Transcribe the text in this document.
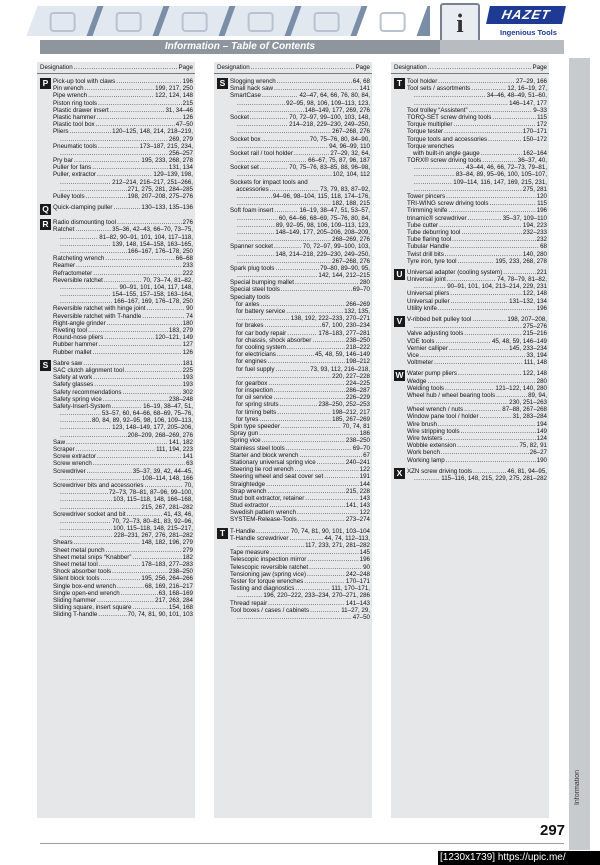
i	HAZET
Ingenious Tools
Information – Table of Contents
Information
Designation .....	Page
P Pick-up tool with claws .....	196
Pin wrench .....	199, 217, 250
Pipe wrench .....	122, 124, 148
Piston ring tools .....	215
Plastic drawer insert .....	31, 34–46
Plastic hammer .....	126
Plastic tool box .....	47–50
Pliers .....	120–125, 148, 214, 218–219,
.....
269, 279
Pneumatic tools .....	173–187, 215, 234,
.....
256–257
Pry bar .....	195, 233, 268, 278
Puller for fans .....	131, 134
Puller, extractor .....	129–139, 198,
.....
212–214, 216–217, 251–266,
.....
271, 275, 281, 284–285
Pulley tools .....	198, 207–208, 275–276
Q Quick-clamping puller .....	130–133, 135–136
R Radio dismounting tool .....	276
Ratchet .....	35–36, 42–43, 66–70, 73–75,
.....
81–82, 90–91, 101, 104, 117–118,
.....
139, 148, 154–158, 163–165,
.....
166–167, 176–178, 250
Ratcheting wrench .....	66–68
Reamer .....	233
Refractometer .....	222
Reversible ratchet .....	70, 73–74, 81–82,
.....
90–91, 101, 104, 117, 148,
.....
154–155, 157–158, 163–164,
.....
166–167, 169, 176–178, 250
Reversible ratchet with hinge joint .....	90
Reversible ratchet with T-handle .....	74
Right-angle grinder .....	180
Riveting tool .....	183, 279
Round-nose pliers .....	120–121, 149
Rubber hammer .....	127
Rubber mallet .....	126
S Sabre saw .....	181
SAC clutch alignment tool .....	225
Safety at work .....	193
Safety glasses .....	193
Safety recommendations .....	302
Safety spring vice .....	238–248
Safety-Insert-System .....	16–19, 38–47, 51,
.....
53–57, 60, 64–66, 68–69, 75–76,
.....
80, 84, 89, 92–95, 98, 106, 109–113,
.....
123, 148–149, 177, 205–206,
.....
208–209, 268–269, 276
Saw .....	141, 182
Scraper .....	111, 194, 223
Screw extractor .....	141
Screw wrench .....	63
Screwdriver .....	35–37, 39, 42, 44–45,
.....
108–114, 148, 166
Screwdriver bits and accessories .....	70,
.....
72–73, 78–81, 87–96, 99–100,
.....
103, 115–118, 148, 166–168,
.....
215, 267, 281–282
Screwdriver socket and bit .....	41, 43, 46,
.....
70, 72–73, 80–81, 83, 92–96,
.....
100, 115–118, 148, 215–217,
.....
228–231, 267, 276, 281–282
Shears .....	148, 182, 196, 279
Sheet metal punch .....	279
Sheet metal snips “Knabber” .....	182
Sheet metal tool .....	178–183, 277–283
Shock absorber tools .....	238–250
Silent block tools .....	195, 256, 264–266
Single box-end wrench .....	68, 169, 216–217
Single open-end wrench .....	63, 168–169
Sliding hammer .....	217, 263, 284
Sliding square, insert square .....	154, 168
Sliding T-handle .....	70, 74, 81, 90, 101, 103
Designation .....	Page
S Slogging wrench .....	64, 68
Small hack saw .....	141
SmartCase .....	42–47, 64, 66, 76, 80, 84,
.....
92–95, 98, 106, 109–113, 123,
.....
148–149, 177, 269, 276
Socket .....	70, 72–97, 99–100, 103, 148,
.....
214–218, 229–230, 249–250,
.....
267–268, 276
Socket box .....	70, 75–76, 80, 84–90,
.....
94, 96–99, 110
Socket rail / tool holder .....	27–29, 32, 64,
.....
66–67, 75, 87, 96, 187
Socket set .....	70, 75–76, 83–85, 88, 96–98,
.....
102, 104, 112
Sockets for impact tools and
accessories .....	73, 79, 83, 87–92,
.....
94–96, 98–104, 115, 118, 174–176,
.....
182, 188, 215
Soft foam insert .....	16–19, 38–47, 51, 53–57,
.....
60, 64–66, 68–69, 75–76, 80, 84,
.....
89, 92–95, 98, 106, 109–113, 123,
.....
148–149, 177, 205–206, 208–209,
.....
268–269, 276
Spanner socket .....	70, 72–97, 99–100, 103,
.....
148, 214–218, 229–230, 249–250,
.....
267–268, 276
Spark plug tools .....	79–80, 89–90, 95,
.....
142, 144, 212–215
Special bumping mallet .....	280
Special steel tools .....	69–70
Specialty tools
for axles .....	266–269
for battery service .....	132, 135,
.....
138, 192, 222–233, 270–271
for brakes .....	67, 100, 230–234
for car body repair .....	178–183, 277–281
for chassis, shock absorber .....	238–250
for cooling system .....	218–222
for electricians .....	45, 48, 59, 146–149
for engines .....	198–212
for fuel supply .....	73, 93, 112, 216–218,
.....
220, 227–228
for gearbox .....	224–225
for inspection .....	286–287
for oil service .....	226–229
for spring struts .....	238–250, 252–253
for timing belts .....	198–212, 217
for tyres .....	185, 267–269
Spin type speeder .....	70, 74, 81
Spray gun .....	186
Spring vice .....	238–250
Stainless steel tools .....	69–70
Starter and block wrench .....	67
Stationary universal spring vice .....	240–241
Steering tie rod wrench .....	122
Steering wheel and seat cover set .....	191
Straightedge .....	144
Strap wrench .....	215, 228
Stud bolt extractor, retainer .....	143
Stud extractor .....	141, 143
Swedish pattern wrench .....	122
SYSTEM-Release-Tools .....	273–274
T T-Handle .....	70, 74, 81, 90, 101, 103–104
T-Handle screwdriver .....	44, 74, 112–113,
.....
117, 233, 271, 281–282
Tape measure .....	145
Telescopic inspection mirror .....	196
Telescopic reversible ratchet .....	90
Tensioning jaw (spring vice) .....	242–248
Tester for torque wrenches .....	170–171
Testing and diagnostics .....	111, 170–171,
.....
196, 220–222, 233–234, 270–271, 286
Thread repair .....	141–143
Tool boxes / cases / cabinets .....	11–27, 29,
.....
47–50
Designation .....	Page
T Tool holder .....	27–29, 166
Tool sets / assortments .....	12, 16–19, 27,
.....
34–46, 48–49, 51–60,
.....
146–147, 177
Tool trolley “Assistent” .....	9–33
TORQ-SET screw driving tools .....	115
Torque multiplier .....	172
Torque tester .....	170–171
Torque tools and accessories .....	150–172
Torque wrenches
with built-in angle gauge .....	162–164
TORX® screw driving tools .....	36–37, 40,
.....
43–44, 46, 66, 72–73, 79–81,
.....
83–84, 89, 95–96, 100, 105–107,
.....
109–114, 116, 147, 169, 215, 231,
.....
275, 281
Tower pincers .....	120
TRI-WING screw driving tools .....	115
Trimming knife .....	196
trinamic® screwdriver .....	35–37, 109–110
Tube cutter .....	194, 223
Tube deburring tool .....	232–233
Tube flaring tool .....	232
Tubular Handle .....	68
Twist drill bits .....	140, 280
Tyre iron, tyre tool .....	195, 233, 268, 278
U Universal adapter (cooling system) .....	221
Universal joint .....	74, 78–79, 81–82,
.....
90–91, 101, 104, 213–214, 229, 231
Universal pliers .....	122, 148
Universal puller .....	131–132, 134
Utility knife .....	196
V V-ribbed belt pulley tool .....	198, 207–208,
.....
275–276
Valve adjusting tools .....	215–216
VDE tools .....	45, 48, 59, 146–149
Vernier calliper .....	145, 233–234
Vice .....	33, 194
Voltmeter .....	111, 148
W Water pump pliers .....	122, 148
Wedge .....	280
Welding tools .....	121–122, 140, 280
Wheel hub / wheel bearing tools .....	89, 94,
.....
230, 251–263
Wheel wrench / nuts .....	87–88, 267–268
Window pane tool / holder .....	31, 283–284
Wire brush .....	194
Wire stripping tools .....	149
Wire twisters .....	124
Wobble extension .....	75, 82, 91
Work bench .....	26–27
Working lamp .....	190
X XZN screw driving tools .....	46, 81, 94–95,
.....
115–116, 148, 215, 229, 275, 281–282
297
[1230x1739] https://upic.me/
